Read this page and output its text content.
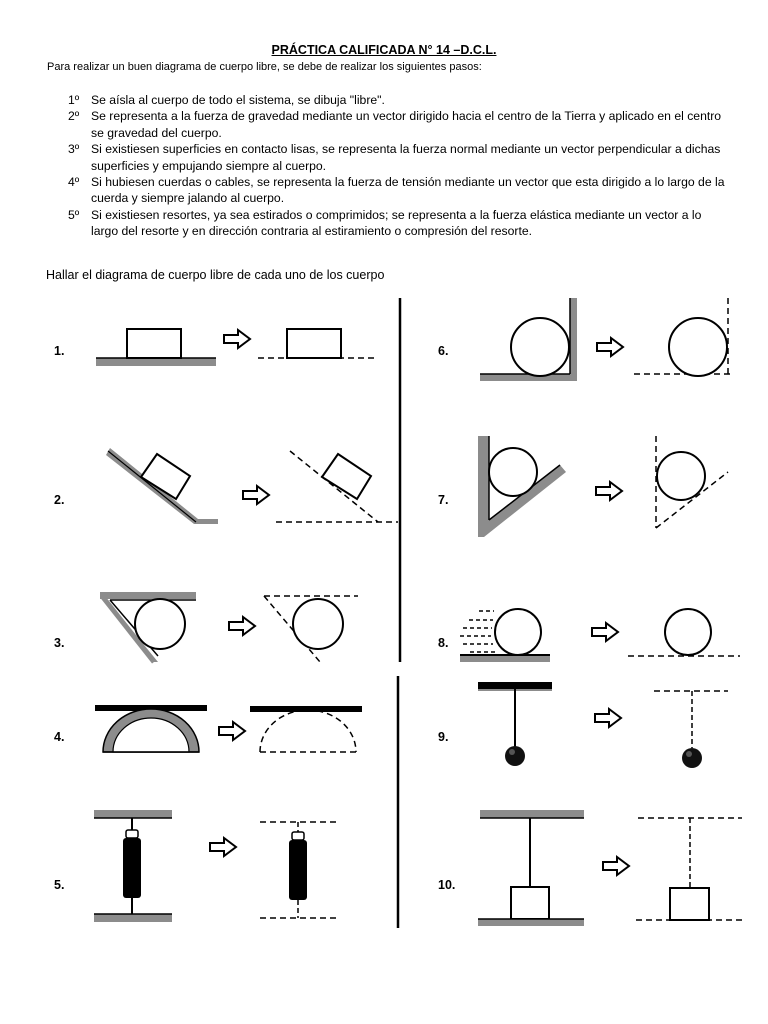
PRÁCTICA CALIFICADA N° 14 –D.C.L.
Para realizar un buen diagrama de cuerpo libre, se debe de realizar los siguientes pasos:
1º Se aísla al cuerpo de todo el sistema, se dibuja "libre".
2º Se representa a la fuerza de gravedad mediante un vector dirigido hacia el centro de la Tierra y aplicado en el centro se gravedad del cuerpo.
3º Si existiesen superficies en contacto lisas, se representa la fuerza normal mediante un vector perpendicular a dichas superficies y empujando siempre al cuerpo.
4º Si hubiesen cuerdas o cables, se representa la fuerza de tensión mediante un vector que esta dirigido a lo largo de la cuerda y siempre jalando al cuerpo.
5º Si existiesen resortes, ya sea estirados o comprimidos; se representa a la fuerza elástica mediante un vector a lo largo del resorte y en dirección contraria al estiramiento o compresión del resorte.
Hallar el diagrama de cuerpo libre de cada uno de los cuerpo
1.
2.
3.
4.
5.
6.
7.
8.
9.
10.
